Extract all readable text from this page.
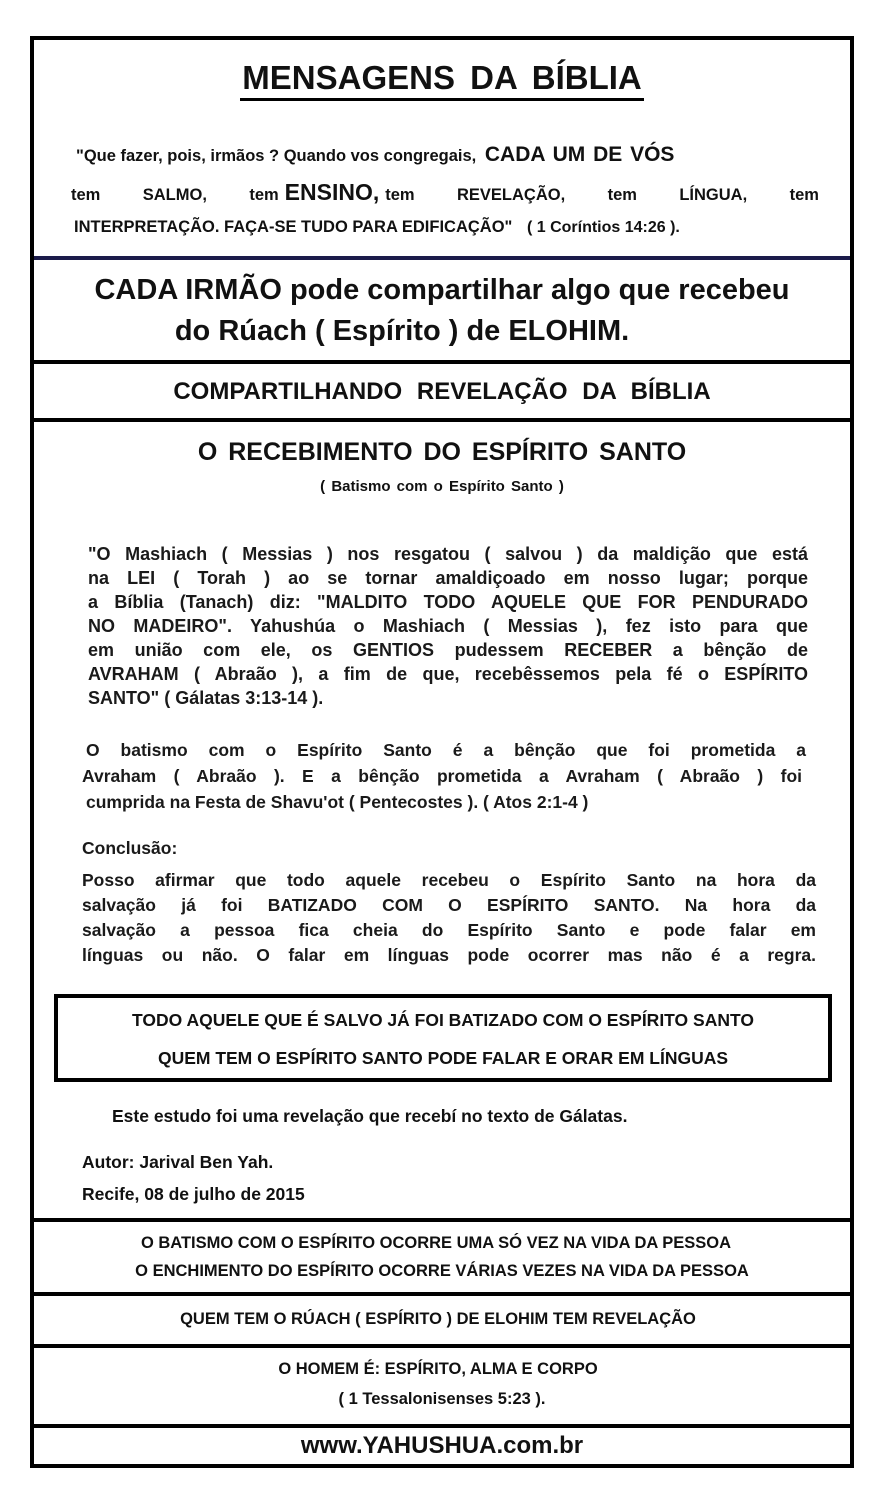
MENSAGENS DA BÍBLIA
"Que fazer, pois, irmãos ? Quando vos congregais, CADA UM DE VÓS
tem	SALMO,	tem ENSINO, tem	REVELAÇÃO,	tem	LÍNGUA,	tem
INTERPRETAÇÃO. FAÇA-SE TUDO PARA EDIFICAÇÃO" ( 1 Coríntios 14:26 ).
CADA IRMÃO pode compartilhar algo que recebeu
do Rúach ( Espírito ) de ELOHIM.
COMPARTILHANDO REVELAÇÃO DA BÍBLIA
O RECEBIMENTO DO ESPÍRITO SANTO
( Batismo com o Espírito Santo )
"O Mashiach ( Messias ) nos resgatou ( salvou ) da maldição que está
na LEI ( Torah ) ao se tornar amaldiçoado em nosso lugar; porque
a Bíblia (Tanach) diz: "MALDITO TODO AQUELE QUE FOR PENDURADO
NO MADEIRO". Yahushúa o Mashiach ( Messias ), fez isto para que
em união com ele, os GENTIOS pudessem RECEBER a bênção de
AVRAHAM ( Abraão ), a fim de que, recebêssemos pela fé o ESPÍRITO
SANTO" ( Gálatas 3:13-14 ).
O batismo com o Espírito Santo é a bênção que foi prometida a
Avraham ( Abraão ). E a bênção prometida a Avraham ( Abraão ) foi
cumprida na Festa de Shavu'ot ( Pentecostes ). ( Atos 2:1-4 )
Conclusão:
Posso afirmar que todo aquele recebeu o Espírito Santo na hora da
salvação já foi BATIZADO COM O ESPÍRITO SANTO. Na hora da
salvação a pessoa fica cheia do Espírito Santo e pode falar em
línguas ou não. O falar em línguas pode ocorrer mas não é a regra.
TODO AQUELE QUE É SALVO JÁ FOI BATIZADO COM O ESPÍRITO SANTO
QUEM TEM O ESPÍRITO SANTO PODE FALAR E ORAR EM LÍNGUAS
Este estudo foi uma revelação que recebí no texto de Gálatas.
Autor: Jarival Ben Yah.
Recife, 08 de julho de 2015
O BATISMO COM O ESPÍRITO OCORRE UMA SÓ VEZ NA VIDA DA PESSOA
O ENCHIMENTO DO ESPÍRITO OCORRE VÁRIAS VEZES NA VIDA DA PESSOA
QUEM TEM O RÚACH ( ESPÍRITO ) DE ELOHIM TEM REVELAÇÃO
O HOMEM É: ESPÍRITO, ALMA E CORPO
( 1 Tessalonisenses 5:23 ).
www.YAHUSHUA.com.br
